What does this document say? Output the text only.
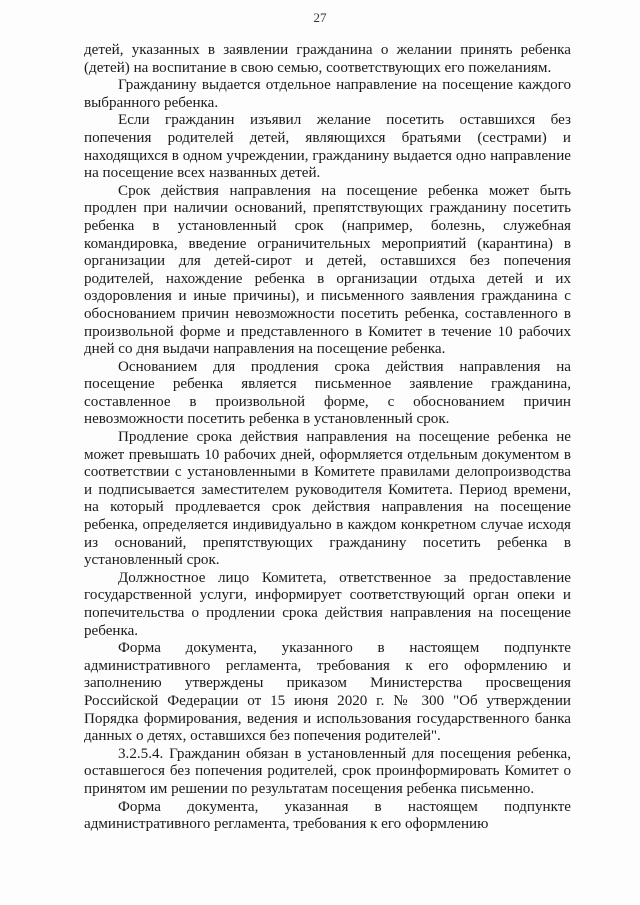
27

детей, указанных в заявлении гражданина о желании принять ребенка (детей) на воспитание в свою семью, соответствующих его пожеланиям.

Гражданину выдается отдельное направление на посещение каждого выбранного ребенка.

Если гражданин изъявил желание посетить оставшихся без попечения родителей детей, являющихся братьями (сестрами) и находящихся в одном учреждении, гражданину выдается одно направление на посещение всех названных детей.

Срок действия направления на посещение ребенка может быть продлен при наличии оснований, препятствующих гражданину посетить ребенка в установленный срок (например, болезнь, служебная командировка, введение ограничительных мероприятий (карантина) в организации для детей-сирот и детей, оставшихся без попечения родителей, нахождение ребенка в организации отдыха детей и их оздоровления и иные причины), и письменного заявления гражданина с обоснованием причин невозможности посетить ребенка, составленного в произвольной форме и представленного в Комитет в течение 10 рабочих дней со дня выдачи направления на посещение ребенка.

Основанием для продления срока действия направления на посещение ребенка является письменное заявление гражданина, составленное в произвольной форме, с обоснованием причин невозможности посетить ребенка в установленный срок.

Продление срока действия направления на посещение ребенка не может превышать 10 рабочих дней, оформляется отдельным документом в соответствии с установленными в Комитете правилами делопроизводства и подписывается заместителем руководителя Комитета. Период времени, на который продлевается срок действия направления на посещение ребенка, определяется индивидуально в каждом конкретном случае исходя из оснований, препятствующих гражданину посетить ребенка в установленный срок.

Должностное лицо Комитета, ответственное за предоставление государственной услуги, информирует соответствующий орган опеки и попечительства о продлении срока действия направления на посещение ребенка.

Форма документа, указанного в настоящем подпункте административного регламента, требования к его оформлению и заполнению утверждены приказом Министерства просвещения Российской Федерации от 15 июня 2020 г. № 300 "Об утверждении Порядка формирования, ведения и использования государственного банка данных о детях, оставшихся без попечения родителей".

3.2.5.4. Гражданин обязан в установленный для посещения ребенка, оставшегося без попечения родителей, срок проинформировать Комитет о принятом им решении по результатам посещения ребенка письменно.

Форма документа, указанная в настоящем подпункте административного регламента, требования к его оформлению
